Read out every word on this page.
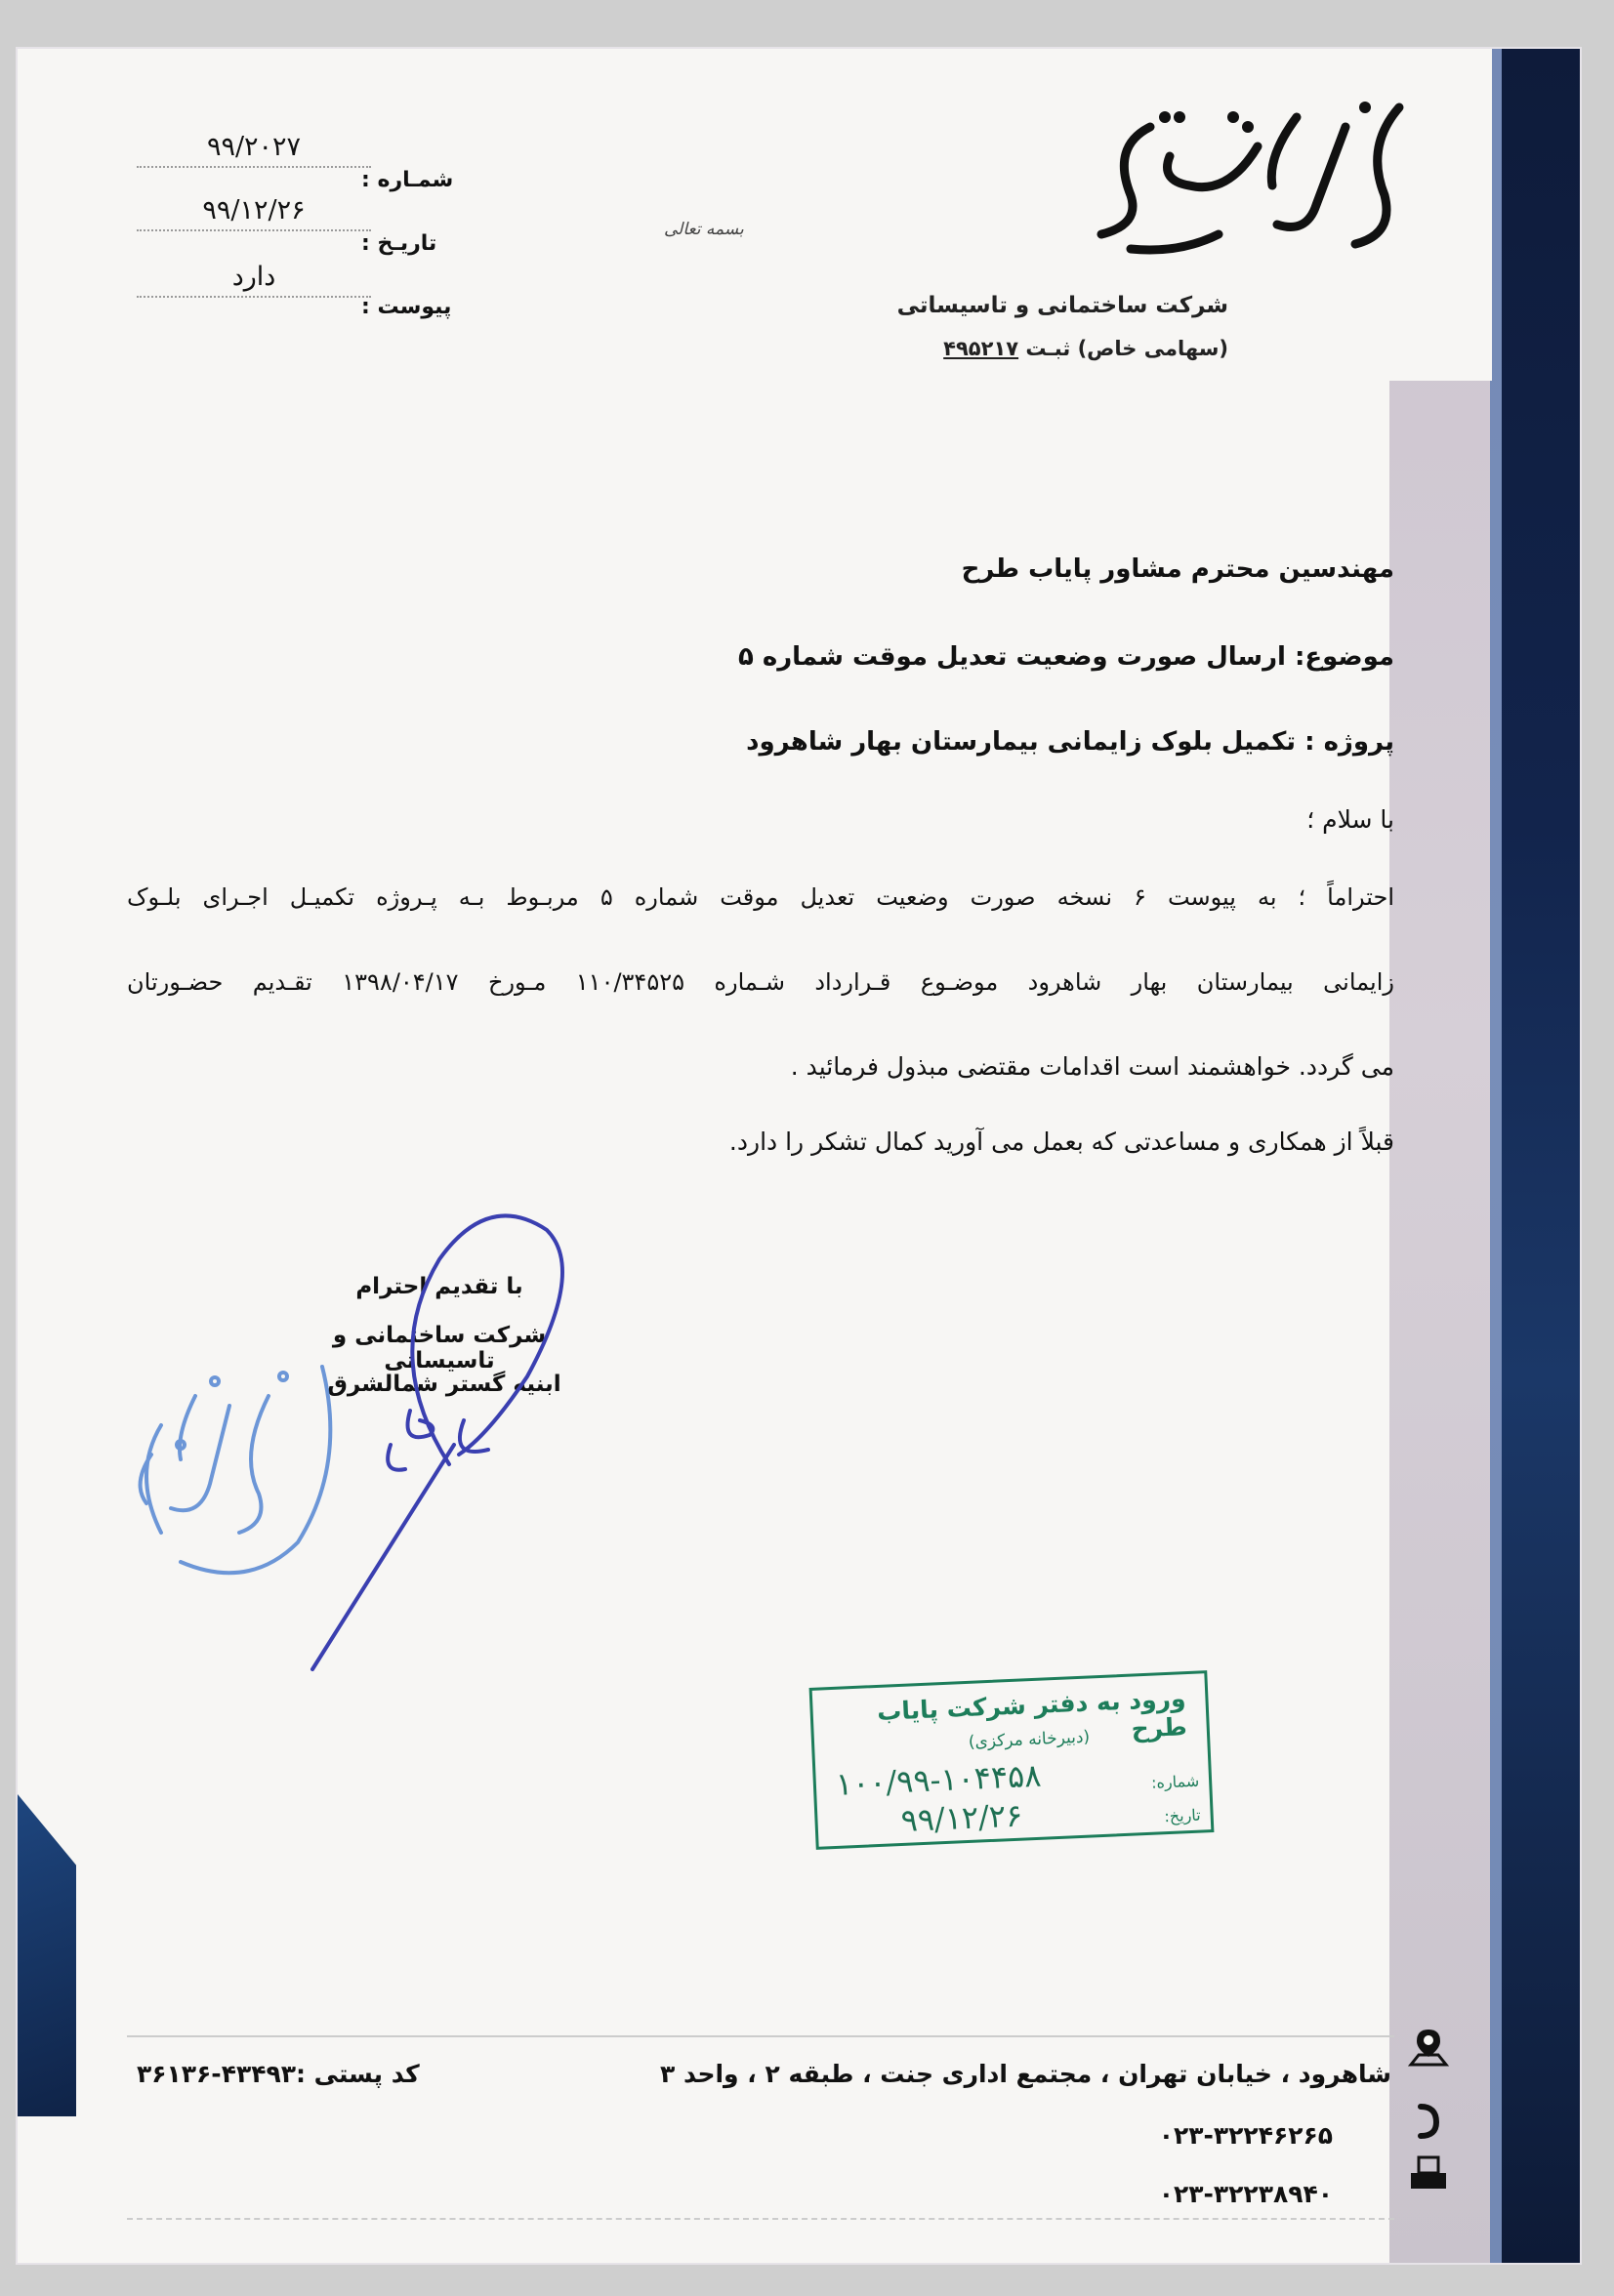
شرکت ساختمانی و تاسیساتی
(سهامی خاص) ثبـت ۴۹۵۲۱۷
بسمه تعالی
شمـاره :
۹۹/۲۰۲۷
تاریـخ :
۹۹/۱۲/۲۶
پیوست :
دارد
مهندسین محترم مشاور پایاب طرح
موضوع: ارسال صورت وضعیت تعدیل موقت شماره ۵
پروژه : تکمیل بلوک زایمانی بیمارستان بهار شاهرود
با سلام ؛
احتراماً ؛ به پیوست ۶ نسخه صورت وضعیت تعدیل موقت شماره ۵ مربـوط بـه پـروژه تکمیـل اجـرای بلـوک
زایمانی بیمارستان بهار شاهرود موضـوع قـرارداد شـماره ۱۱۰/۳۴۵۲۵ مـورخ ۱۳۹۸/۰۴/۱۷ تقـدیم حضـورتان
می گردد. خواهشمند است اقدامات مقتضی مبذول فرمائید .
قبلاً از همکاری و مساعدتی که بعمل می آورید کمال تشکر را دارد.
با تقدیم احترام
شرکت ساختمانی و تاسیساتی
ابنیه گستر شمالشرق
ورود به دفتر شرکت پایاب طرح
(دبیرخانه مرکزی)
شماره:
۱۰۰/۹۹-۱۰۴۴۵۸
تاریخ:
۹۹/۱۲/۲۶
شاهرود ، خیابان تهران ، مجتمع اداری جنت ، طبقه ۲ ، واحد ۳
کد پستی :۴۳۴۹۳-۳۶۱۳۶
۰۲۳-۳۲۲۴۶۲۶۵
۰۲۳-۳۲۲۳۸۹۴۰
